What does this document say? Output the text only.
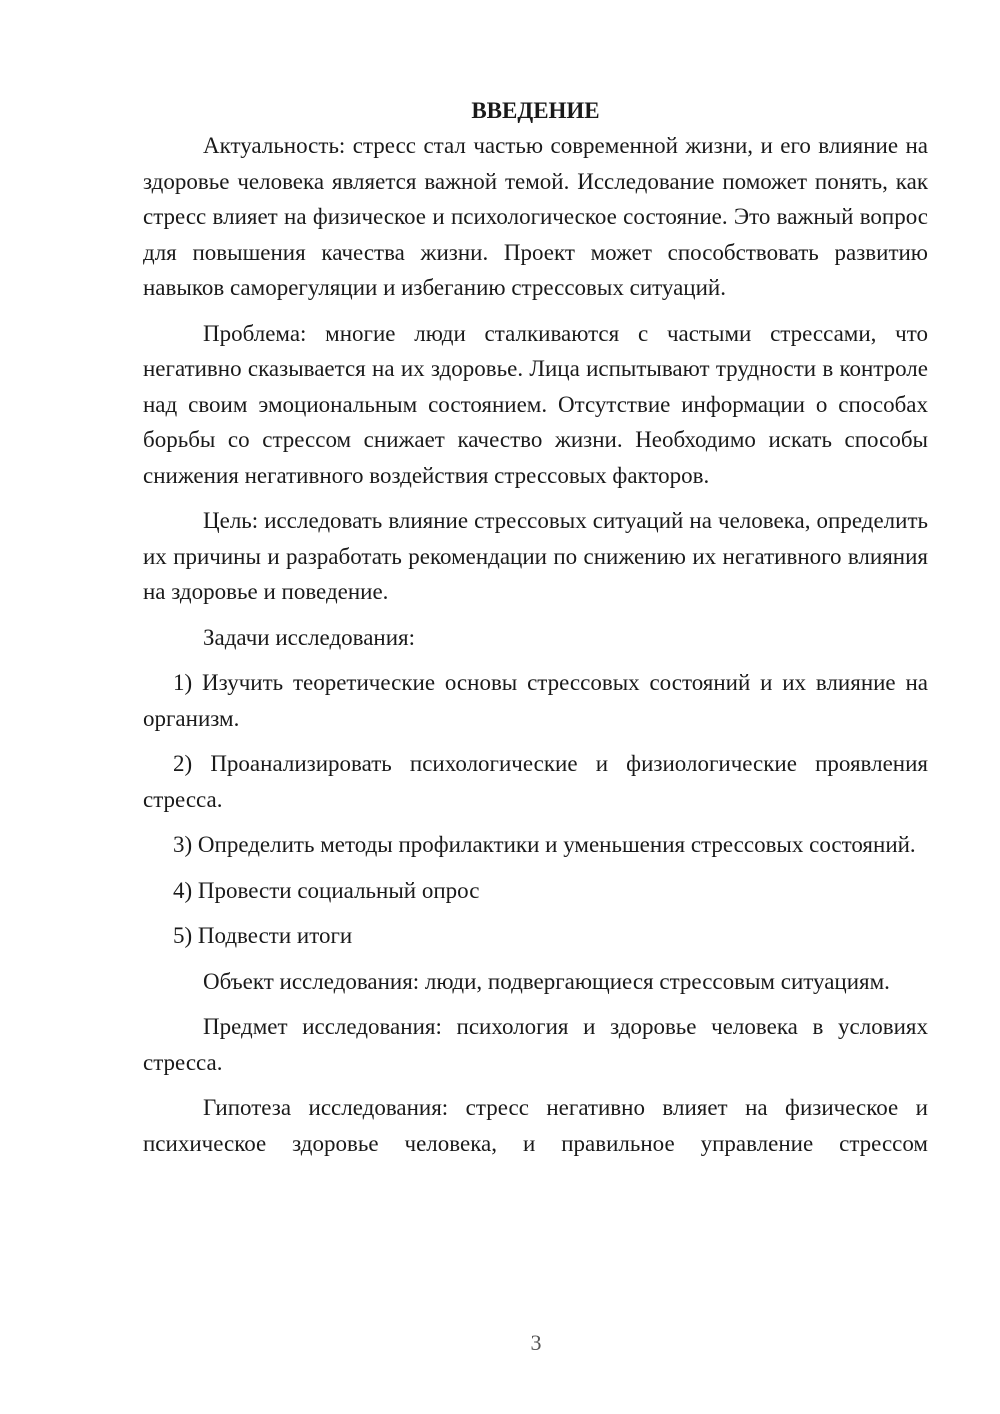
ВВЕДЕНИЕ

Актуальность: стресс стал частью современной жизни, и его влияние на здоровье человека является важной темой. Исследование поможет понять, как стресс влияет на физическое и психологическое состояние. Это важный вопрос для повышения качества жизни. Проект может способствовать развитию навыков саморегуляции и избеганию стрессовых ситуаций.

Проблема: многие люди сталкиваются с частыми стрессами, что негативно сказывается на их здоровье. Лица испытывают трудности в контроле над своим эмоциональным состоянием. Отсутствие информации о способах борьбы со стрессом снижает качество жизни. Необходимо искать способы снижения негативного воздействия стрессовых факторов.

Цель: исследовать влияние стрессовых ситуаций на человека, определить их причины и разработать рекомендации по снижению их негативного влияния на здоровье и поведение.

Задачи исследования:

1) Изучить теоретические основы стрессовых состояний и их влияние на организм.

2) Проанализировать психологические и физиологические проявления стресса.

3) Определить методы профилактики и уменьшения стрессовых состояний.

4) Провести социальный опрос

5) Подвести итоги

Объект исследования: люди, подвергающиеся стрессовым ситуациям.

Предмет исследования: психология и здоровье человека в условиях стресса.

Гипотеза исследования: стресс негативно влияет на физическое и психическое здоровье человека, и правильное управление стрессом

3
